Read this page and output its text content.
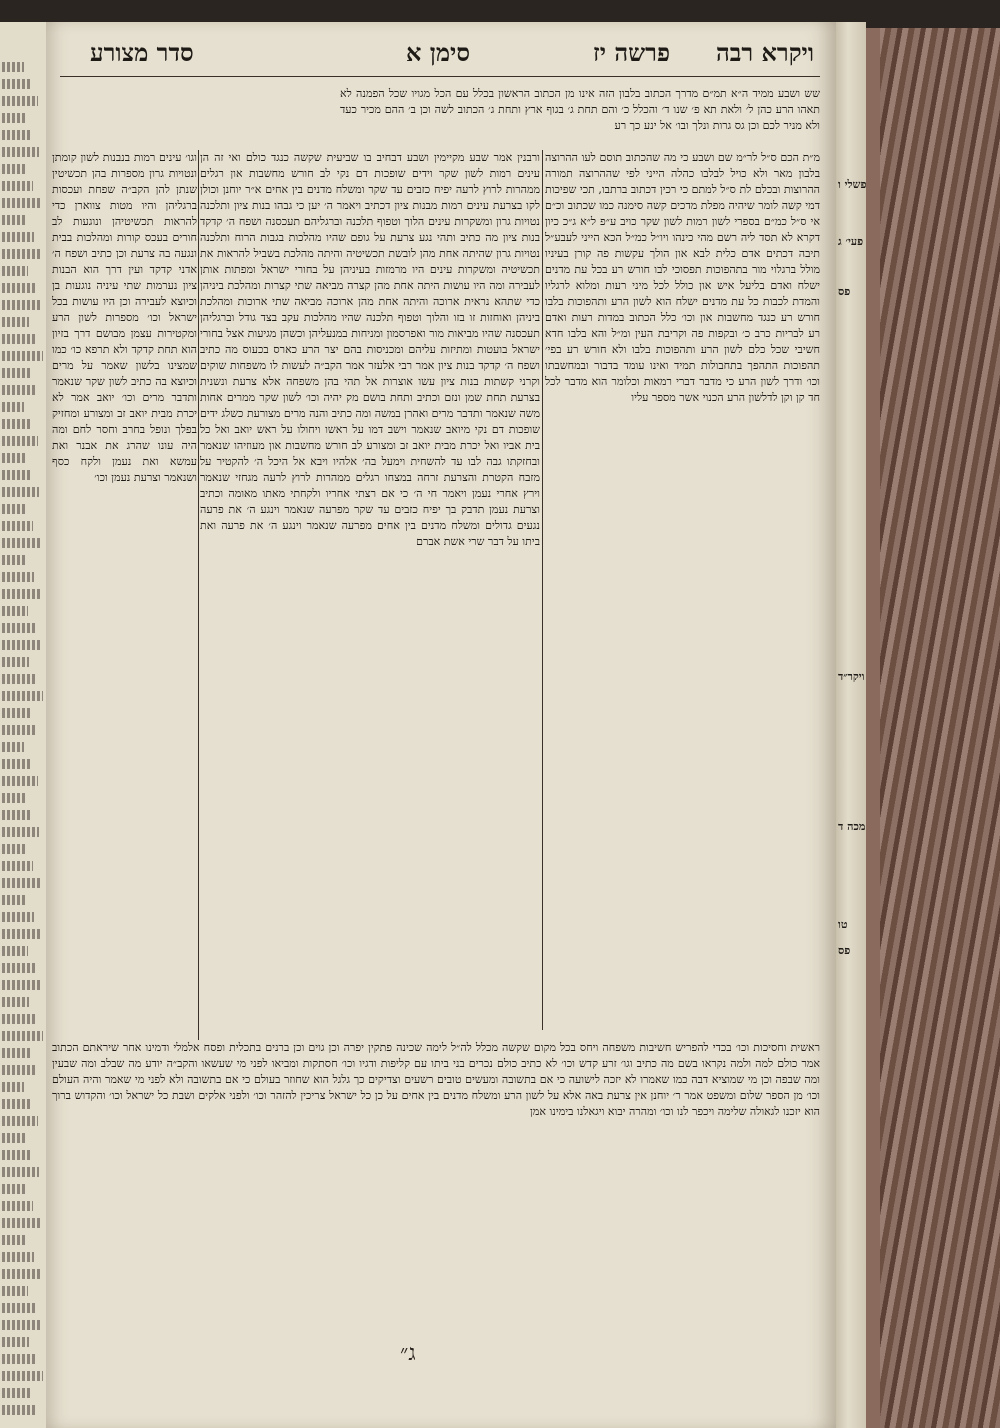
ויקרא רבה
פרשה יז
סימן א
סדר מצורע
שש ושבע ממיד ה״א תמ״ם מדרך הכתוב בלבון הזה אינו מן הכתוב הראשון בכלל עם הכל מגויו שכל הפמנה לא תאהו הרע כהן ל׳ ולאת תא פ׳ שנו ד׳ והכלל כ׳ והם תחת ג׳ בגוף ארץ ותחת ג׳ הכתוב לשה וכן ב׳ ההם מכיר כעד ולא מניר לכם וכן גס גרות ונלך ובו׳ אל ינע כך רע
מ״ת הכם ס״ל לר״מ שם ושבע כי מה שהכתוב תוסם לעו ההרוצה בלבון מאר ולא כויל לבלבו כהלה הייני לפי שההרוצה תמורה ההרוצות ובכלם לת ס״ל למתם כי רכין דכתוב ברתבו, תכי שפיכות דמי קשה לומר שיהיה מפלת מדכים קשה סימנה כמו שכתוב וכ״ם אי ס״ל כמ״ם בספרי לשון רמות לשון שקר כויב ע״פ ל״א ג״כ כיון דקרא לא תסד ליה רשם מהי כינהו ויו״ל כמ״ל הכא הייני לעבע״ל תיבה דכתים אדם כלית לבא און הולך עקשות פה קורן בעיניו מולל ברגלוי מור בתהפוכות תפסוכי לבו חורש רע בכל עת מדנים ישלח ואדם בליעל איש און כולל לכל מיני רעות ומלוא לרגליו והמדת לכבות כל עת מדנים ישלח הוא לשון הרע ותהפוכות בלבו חורש רע כנגד מחשבות און וכו׳ כלל הכתוב במדות רעות ואדם רע לבריות כרב כ׳ ובקפות פה וקריבת העין ומ״ל והא בלבו חדא חשיבי שכל כלם לשון הרע ותהפוכות בלבו ולא חורש רע בפי׳ תהפוכות התהפך בתחבולות תמיד ואינו עומד בדבור ובמחשבתו וכו׳ ודרך לשון הרע כי מדבר דברי רמאות וכלומר הוא מדבר לכל חד קן וקן לדלשון הרע הכנוי אשר מספר עליו
ורבנין אמר שבע מקיימין ושבע דבחיב בו שביעית שקשה כנגד כולם ואי זה הן עינים רמות לשון שקר וידים שופכות דם נקי לב חורש מחשבות און רגלים ממהרות לרוץ לרעה יפיח כזבים עד שקר ומשלח מדנים בין אחים א״ר יוחנן וכולן לקו בצרעת עינים רמות מבנות ציון דכתיב ויאמר ה׳ יען כי גבהו בנות ציון ותלכנה נטויות גרון ומשקרות עינים הלוך וטפוף תלכנה וברגליהם תעכסנה ושפח ה׳ קדקד בנות ציון מה כתיב ותהי נגע צרעת על גופם שהיו מהלכות בגבות הרוח ותלכנה נטויות גרון שהיתה אחת מהן לובשת תכשיטיה והיתה מהלכת בשביל להראות את תכשיטיה ומשקרות עינים היו מרמזות בעיניהן על בחורי ישראל ומפתות אותן לעבירה ומה היו עושות היתה אחת מהן קצרה מביאה שתי קצרות ומהלכת ביניהן כדי שתהא נראית ארוכה והיתה אחת מהן ארוכה מביאה שתי ארוכות ומהלכת ביניהן ואוחזות זו בזו והלוך וטפוף תלכנה שהיו מהלכות עקב בצד גודל וברגליהן תעכסנה שהיו מביאות מור ואפרסמון ומניחות במנעליהן וכשהן מגיעות אצל בחורי ישראל בועטות ומתיזות עליהם ומכניסות בהם יצר הרע כארס בכעוס מה כתיב ושפח ה׳ קדקד בנות ציון אמר רבי אלעזר אמר הקב״ה לעשות לו משפחות שוקים וקרני קשתות בנות ציון עשו אוצרות אל תהי בהן משפחה אלא צרעת ונשנית בצרעת תחת שמן ונזם וכתיב ותחת בושם מק יהיה וכו׳ לשון שקר ממרים אחות משה שנאמר ותדבר מרים ואהרן במשה ומה כתיב והנה מרים מצורעת כשלג ידים שופכות דם נקי מיואב שנאמר וישב דמו על ראשו ויחולו על ראש יואב ואל כל בית אביו ואל יכרת מבית יואב זב ומצורע לב חורש מחשבות און מעוזיהו שנאמר ובחזקתו גבה לבו עד להשחית וימעל בה׳ אלהיו ויבא אל היכל ה׳ להקטיר על מזבח הקטרת והצרעת זרחה במצחו רגלים ממהרות לרוץ לרעה מגחזי שנאמר וירץ אחרי נעמן ויאמר חי ה׳ כי אם רצתי אחריו ולקחתי מאתו מאומה וכתיב וצרעת נעמן תדבק בך יפיח כזבים עד שקר מפרעה שנאמר וינגע ה׳ את פרעה נגעים גדולים ומשלח מדנים בין אחים מפרעה שנאמר וינגע ה׳ את פרעה ואת ביתו על דבר שרי אשת אברם
וגו׳ עינים רמות בנבנות לשון קומתן ונטויות גרון מספרות בהן תכשיטין שנתן להן הקב״ה שפחת ועכסות ברגליהן והיו מטות צווארן כדי להראות תכשיטיהן ונוגעות לב חורים בעכס קורות ומהלכות בבית ונגעה בה צרעת וכן כתיב ושפח ה׳ אדני קדקד ועין דרך הוא הבנות ציון נערמות שתי עיניה נוגעות בן וכיוצא לעבירה וכן היו עושות בכל ישראל וכו׳ מספרות לשון הרע ומקטירות עצמן מבושם דרך בזיון הוא תחת קדקד ולא תרפא כו׳ כמו שמצינו בלשון שאמר על מרים וכיוצא בה כתיב לשון שקר שנאמר ותדבר מרים וכו׳ יואב אמר לא יכרת מבית יואב זב ומצורע ומחזיק בפלך ונופל בחרב וחסר לחם ומה היה עונו שהרג את אבנר ואת עמשא ואת נעמן ולקח כסף ושנאמר וצרעת נעמן וכו׳
ראשית וחסיכות וכו׳ בכדי להפריש חשיבות משפחה ויחס בכל מקום שקשה מכלל לה״ל לימה שכינה פתקין יפרה וכן גוים וכן ברנים בתכלית ופסח אלמלי ודמינו אחר שיראתם הכתוב אמר כולם למה ולמה נקראו בשם מה כתיב וגו׳ זרע קדש וכו׳ לא כתיב כולם נכרים בני ביתו עם קליפות ודגיו וכו׳ חסתקות ומביאו לפני מי שעשאו והקב״ה יודע מה שבלב ומה שבעין ומה שבפה וכן מי שמוציא דבה כמו שאמרו לא יזכה לישועה כי אם בתשובה ומעשים טובים רשעים וצדיקים כך גלגל הוא שחוזר בעולם כי אם בתשובה ולא לפני מי שאמר והיה העולם וכו׳ מן הספר שלום ומשפט אמר ר׳ יוחנן אין צרעת באה אלא על לשון הרע ומשלח מדנים בין אחים על כן כל ישראל צריכין להזהר וכו׳ ולפני אלקים ושבת כל ישראל וכו׳ והקדוש ברוך הוא יזכנו לגאולה שלימה ויכפר לנו וכו׳ ומהרה יבוא ויגאלנו בימינו אמן
פשלי ו
פעי׳ ג
פס
ויקר״ד
מכה ד
טו
פס
ג״
